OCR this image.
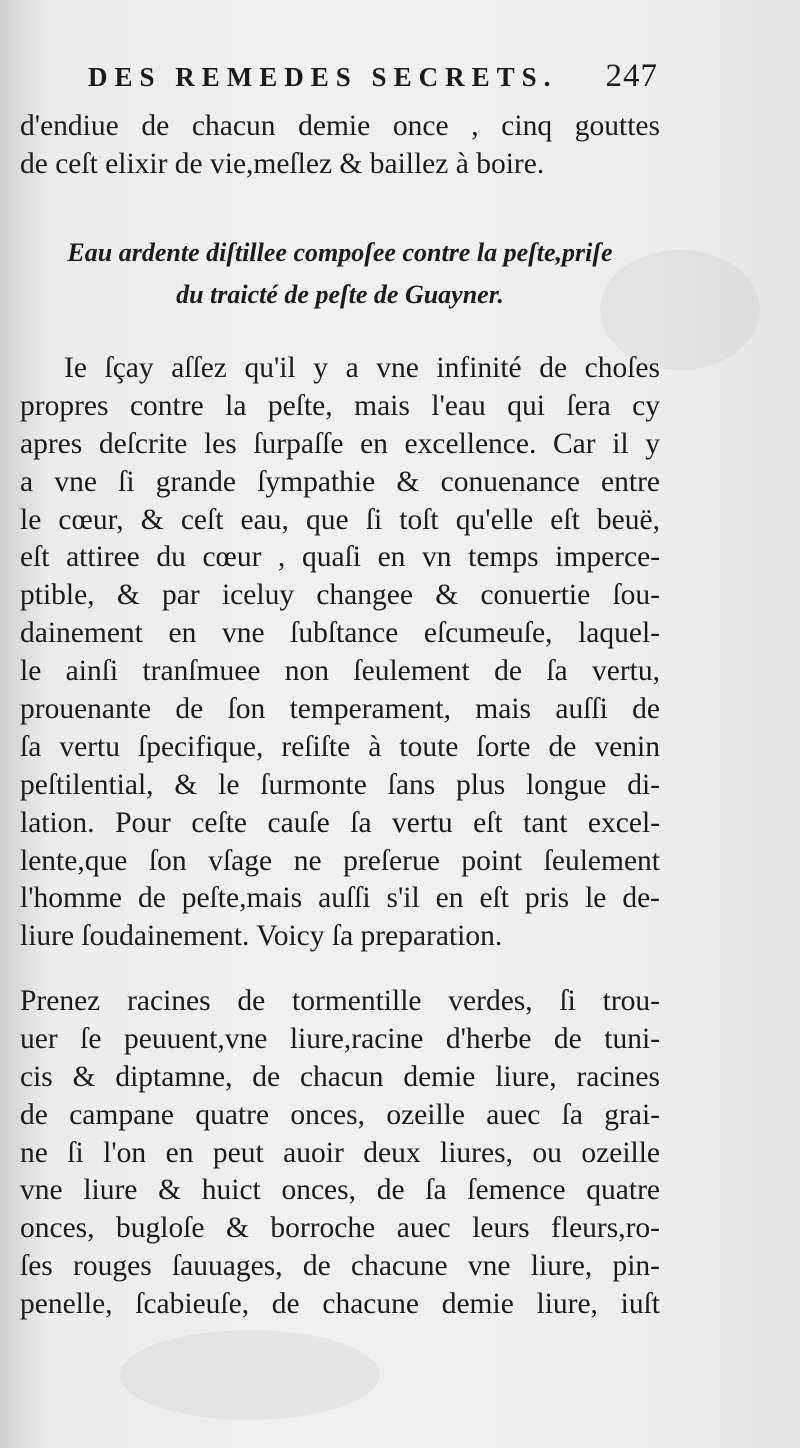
DES REMEDES SECRETS. 247
d'endiue de chacun demie once , cinq gouttes
de ceſt elixir de vie,meſlez & baillez à boire.
Eau ardente diſtillee compoſee contre la peſte,priſe
du traicté de peſte de Guayner.
Ie ſçay aſſez qu'il y a vne infinité de choſes
propres contre la peſte, mais l'eau qui ſera cy
apres deſcrite les ſurpaſſe en excellence. Car il y
a vne ſi grande ſympathie & conuenance entre
le cœur, & ceſt eau, que ſi toſt qu'elle eſt beuë,
eſt attiree du cœur , quaſi en vn temps imperce-
ptible, & par iceluy changee & conuertie ſou-
dainement en vne ſubſtance eſcumeuſe, laquel-
le ainſi tranſmuee non ſeulement de ſa vertu,
prouenante de ſon temperament, mais auſſi de
ſa vertu ſpecifique, reſiſte à toute ſorte de venin
peſtilential, & le ſurmonte ſans plus longue di-
lation. Pour ceſte cauſe ſa vertu eſt tant excel-
lente,que ſon vſage ne preſerue point ſeulement
l'homme de peſte,mais auſſi s'il en eſt pris le de-
liure ſoudainement. Voicy ſa preparation.
Prenez racines de tormentille verdes, ſi trou-
uer ſe peuuent,vne liure,racine d'herbe de tuni-
cis & diptamne, de chacun demie liure, racines
de campane quatre onces, ozeille auec ſa grai-
ne ſi l'on en peut auoir deux liures, ou ozeille
vne liure & huict onces, de ſa ſemence quatre
onces, bugloſe & borroche auec leurs fleurs,ro-
ſes rouges ſauuages, de chacune vne liure, pin-
penelle, ſcabieuſe, de chacune demie liure, iuſt
